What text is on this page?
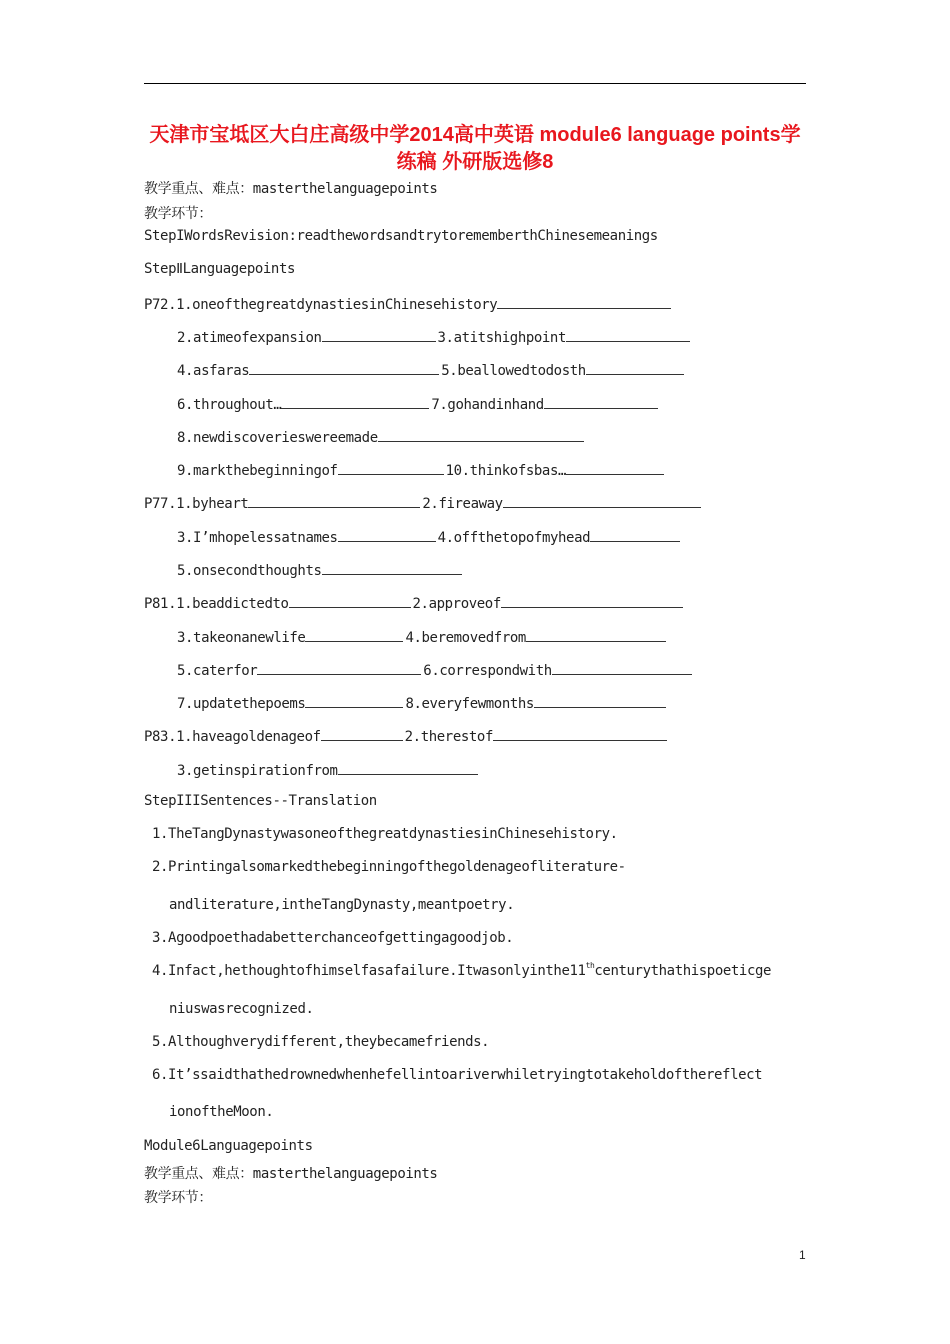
天津市宝坻区大白庄高级中学2014高中英语 module6 language points学练稿 外研版选修8
教学重点、难点：masterthelanguagepoints
教学环节：
StepIWordsRevision:readthewordsandtrytorememberthChinesemeanings
StepⅡLanguagepoints
P72.1.oneofthegreatdynastiesinChinesehistory
2.atimeofexpansion	3.atitshighpoint
4.asfaras	5.beallowedtodosth
6.throughout…	7.gohandinhand
8.newdiscoverieswereemade
9.markthebeginningof	10.thinkofsbas…
P77.1.byheart	2.fireaway
3.I’mhopelessatnames	4.offthetopofmyhead
5.onsecondthoughts
P81.1.beaddictedto	2.approveof
3.takeonanewlife	4.beremovedfrom
5.caterfor	6.correspondwith
7.updatethepoems	8.everyfewmonths
P83.1.haveagoldenageof	2.therestof
3.getinspirationfrom
StepIIISentences--Translation
1.TheTangDynastywasoneofthegreatdynastiesinChinesehistory.
2.Printingalsomarkedthebeginningofthegoldenageofliterature-
andliterature,intheTangDynasty,meantpoetry.
3.Agoodpoethadabetterchanceofgettingagoodjob.
4.Infact,hethoughtofhimselfasafailure.Itwasonlyinthe11thcenturythathispoeticge
niuswasrecognized.
5.Althoughverydifferent,theybecamefriends.
6.It’ssaidthathedrownedwhenhefellintoariverwhiletryingtotakeholdofthereflect
ionoftheMoon.
Module6Languagepoints
教学重点、难点：masterthelanguagepoints
教学环节：
1
